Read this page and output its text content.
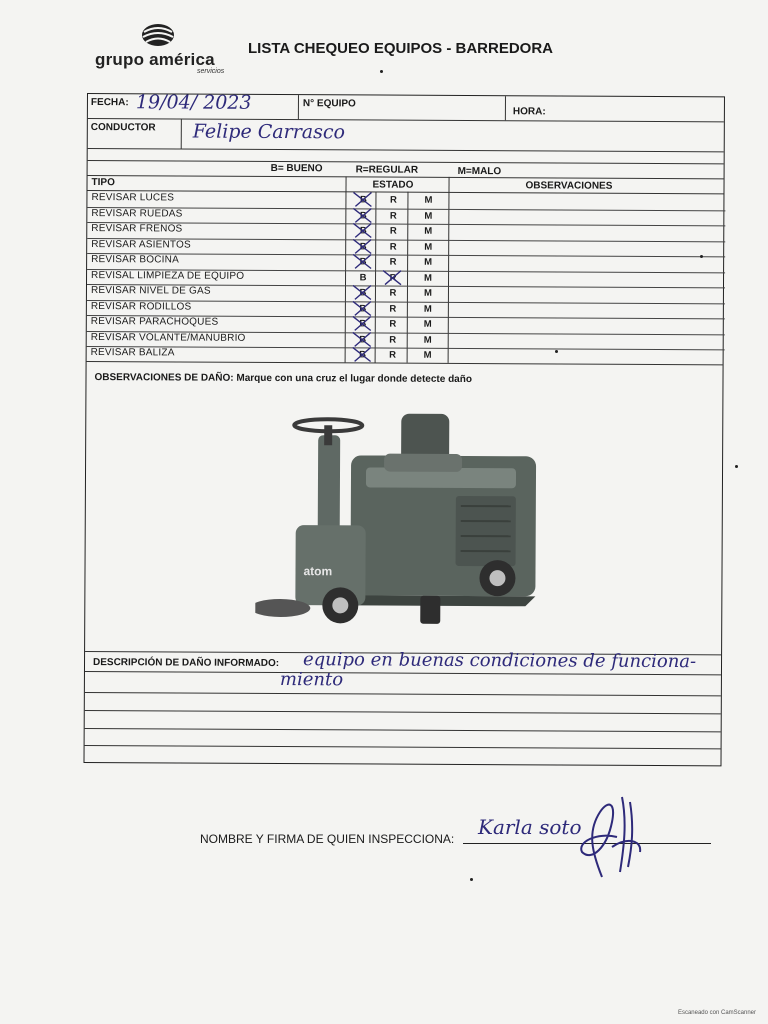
grupo américa
servicios
LISTA CHEQUEO EQUIPOS - BARREDORA
FECHA: 19/04/ 2023	N° EQUIPO
HORA:
CONDUCTOR Felipe Carrasco
B= BUENO	R=REGULAR	M=MALO
TIPO	ESTADO	OBSERVACIONES
REVISAR LUCES	B R	M
REVISAR RUEDAS	B R	M
REVISAR FRENOS	B R	M
REVISAR ASIENTOS	B R	M
REVISAR BOCINA	B R	M
REVISAL LIMPIEZA DE EQUIPO	B R	M
REVISAR NIVEL DE GAS	B R	M
REVISAR RODILLOS	B R	M
REVISAR PARACHOQUES	B R	M
REVISAR VOLANTE/MANUBRIO	B R	M
REVISAR BALIZA	B R	M
OBSERVACIONES DE DAÑO: Marque con una cruz el lugar donde detecte daño
atom
DESCRIPCIÓN DE DAÑO INFORMADO: equipo en buenas condiciones de funciona-
miento
NOMBRE Y FIRMA DE QUIEN INSPECCIONA: Karla soto
Escaneado con CamScanner
